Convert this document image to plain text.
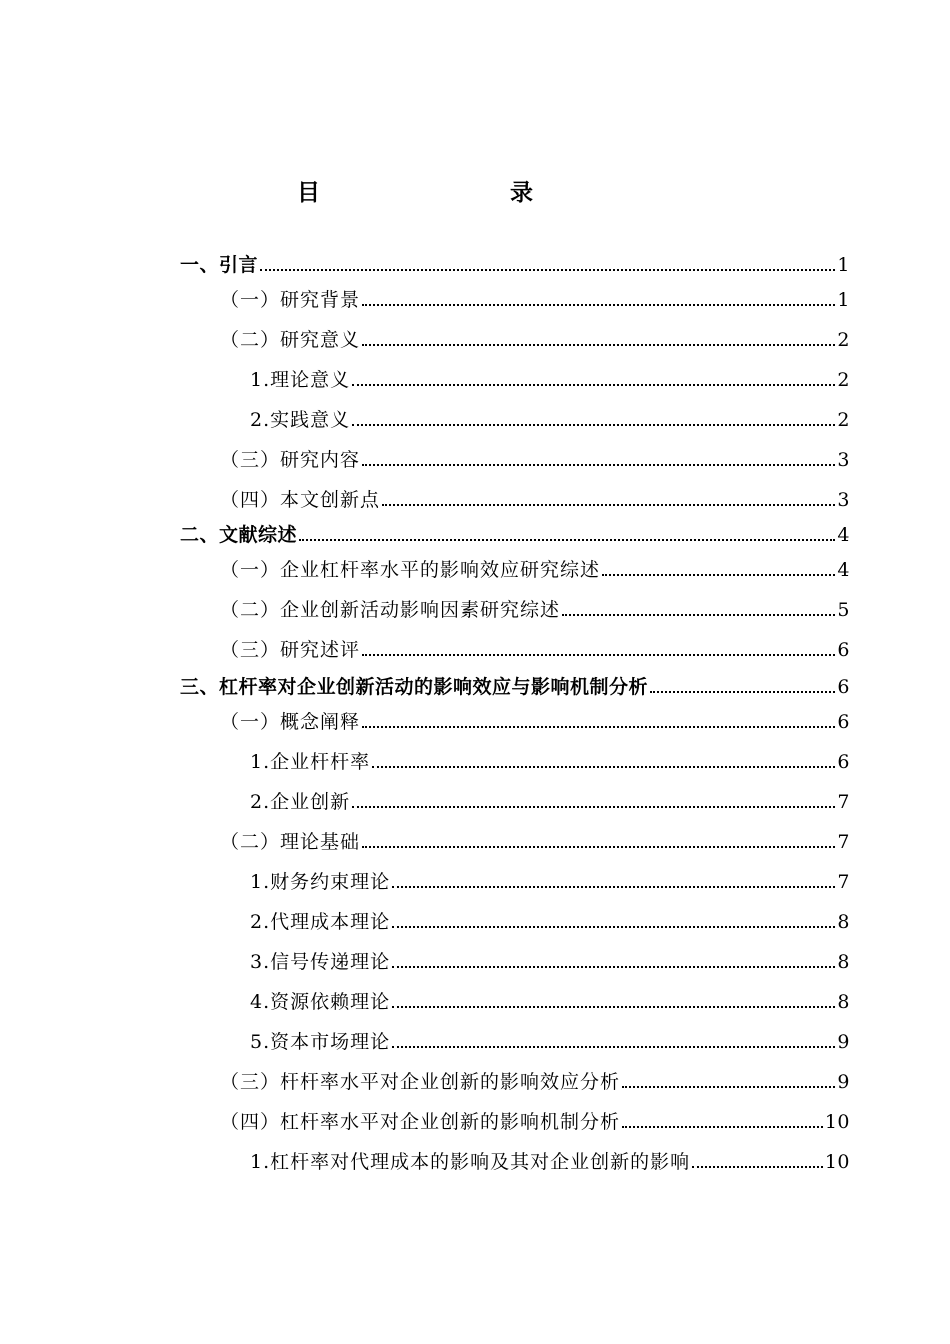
目　　录
一、引言	1
（一）研究背景	1
（二）研究意义	2
1.理论意义	2
2.实践意义	2
（三）研究内容	3
（四）本文创新点	3
二、文献综述	4
（一）企业杠杆率水平的影响效应研究综述	4
（二）企业创新活动影响因素研究综述	5
（三）研究述评	6
三、杠杆率对企业创新活动的影响效应与影响机制分析	6
（一）概念阐释	6
1.企业杆杆率	6
2.企业创新	7
（二）理论基础	7
1.财务约束理论	7
2.代理成本理论	8
3.信号传递理论	8
4.资源依赖理论	8
5.资本市场理论	9
（三）杆杆率水平对企业创新的影响效应分析	9
（四）杠杆率水平对企业创新的影响机制分析	10
1.杠杆率对代理成本的影响及其对企业创新的影响	10
